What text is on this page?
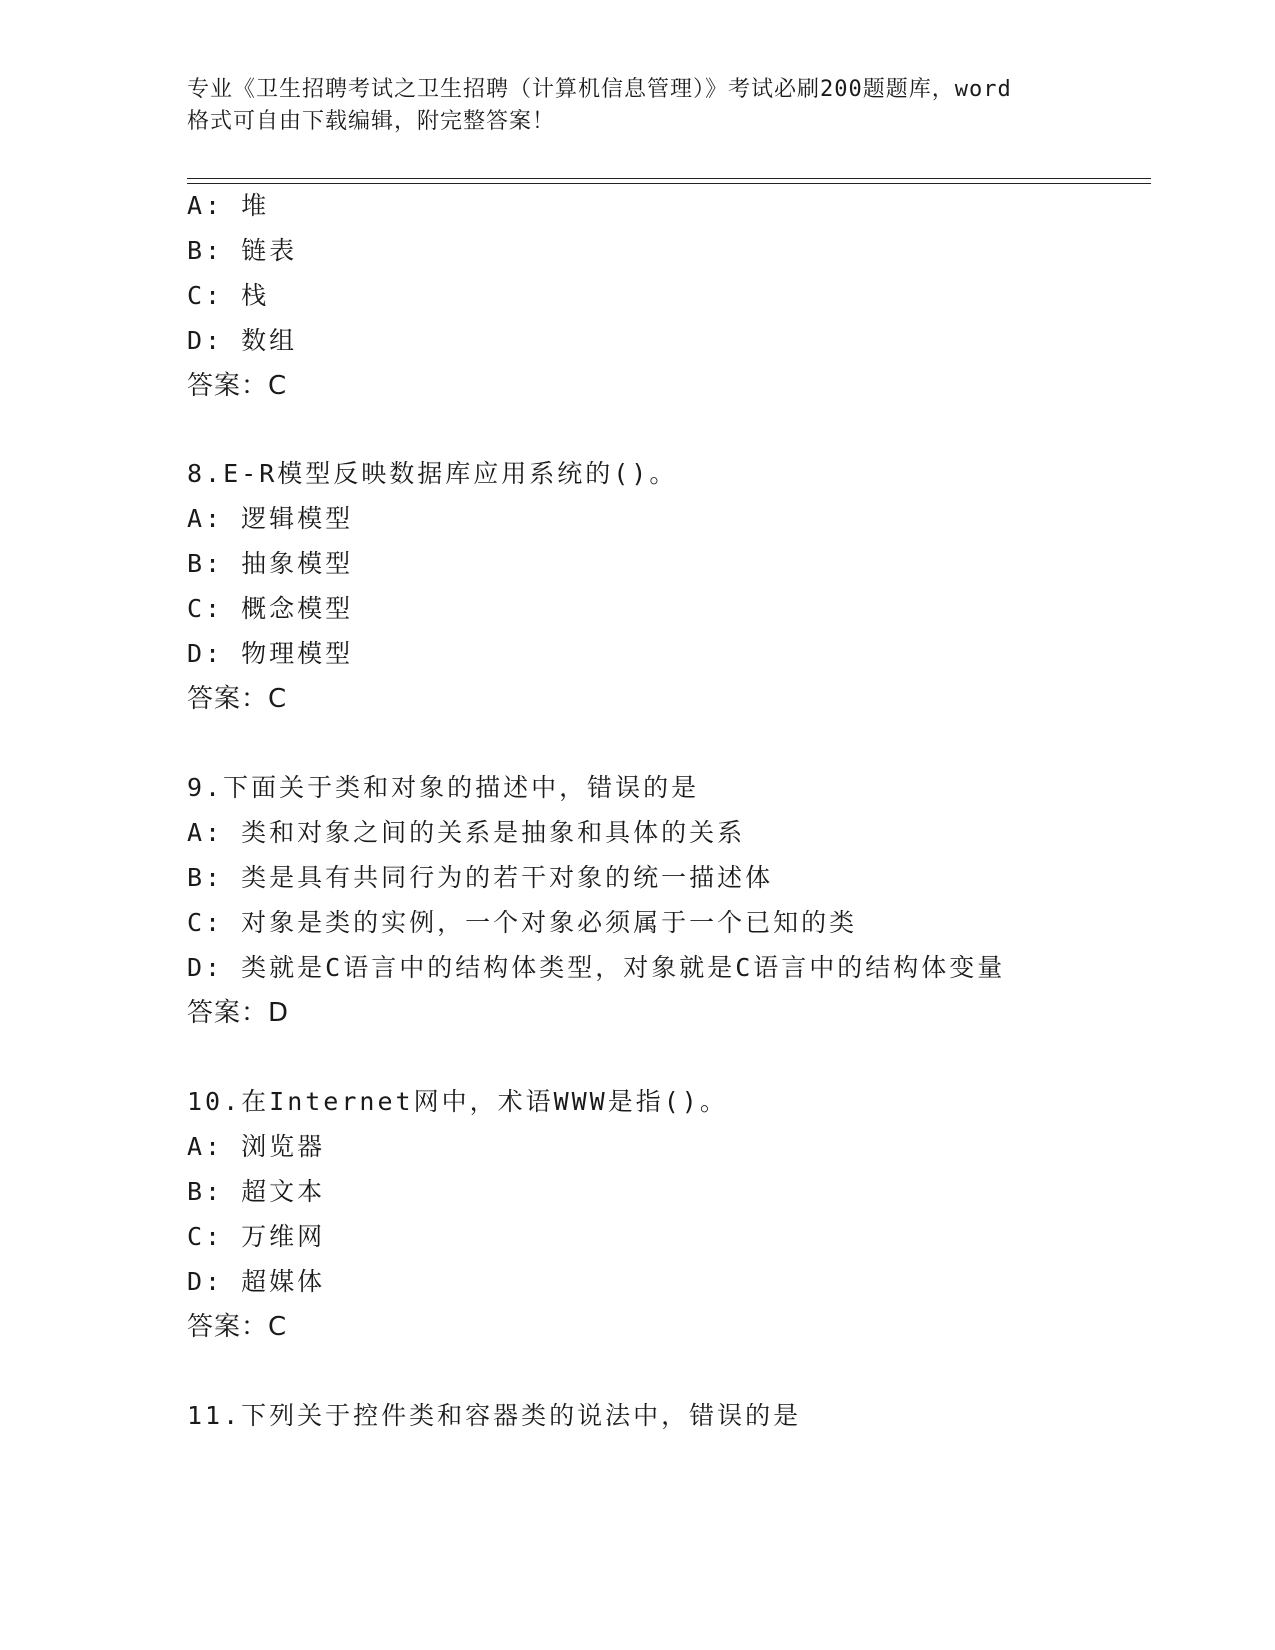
专业《卫生招聘考试之卫生招聘（计算机信息管理）》考试必刷200题题库，word
格式可自由下载编辑，附完整答案！
A: 堆
B: 链表
C: 栈
D: 数组
答案：C
8.E-R模型反映数据库应用系统的()。
A: 逻辑模型
B: 抽象模型
C: 概念模型
D: 物理模型
答案：C
9.下面关于类和对象的描述中，错误的是
A: 类和对象之间的关系是抽象和具体的关系
B: 类是具有共同行为的若干对象的统一描述体
C: 对象是类的实例，一个对象必须属于一个已知的类
D: 类就是C语言中的结构体类型，对象就是C语言中的结构体变量
答案：D
10.在Internet网中，术语WWW是指()。
A: 浏览器
B: 超文本
C: 万维网
D: 超媒体
答案：C
11.下列关于控件类和容器类的说法中，错误的是
